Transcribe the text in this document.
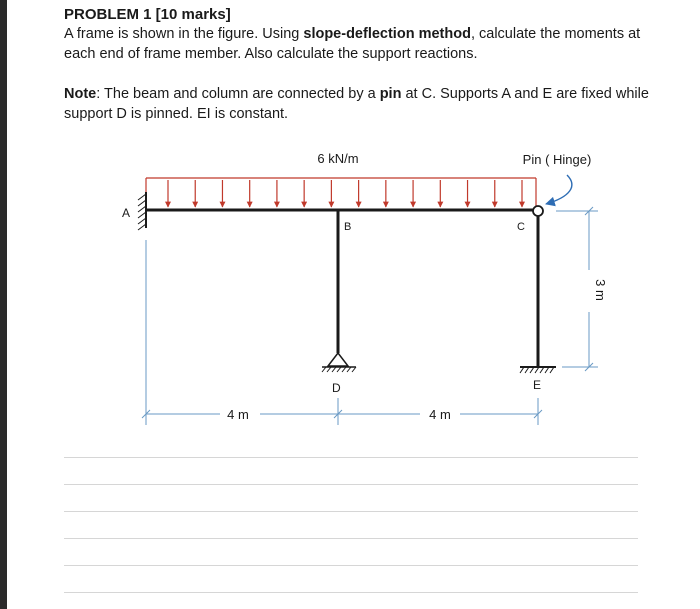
PROBLEM 1 [10 marks]
A frame is shown in the figure. Using slope-deflection method, calculate the moments at each end of frame member. Also calculate the support reactions.
Note: The beam and column are connected by a pin at C. Supports A and E are fixed while support D is pinned. EI is constant.
6 kN/m
A
B
D
C
E
Pin ( Hinge)
4 m	4 m
3 m
